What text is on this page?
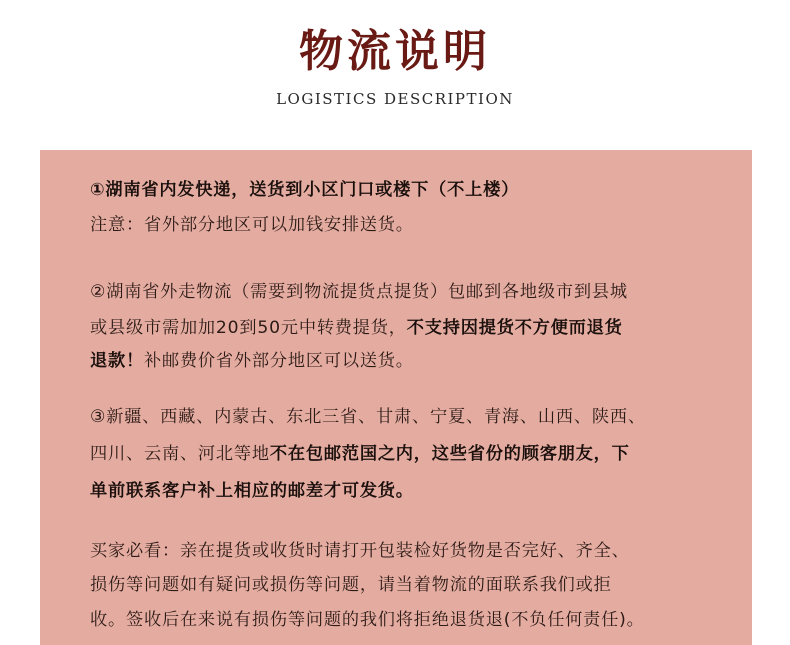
物流说明
LOGISTICS DESCRIPTION
①湖南省内发快递，送货到小区门口或楼下（不上楼）
注意：省外部分地区可以加钱安排送货。
②湖南省外走物流（需要到物流提货点提货）包邮到各地级市到县城
或县级市需加加20到50元中转费提货，不支持因提货不方便而退货
退款！补邮费价省外部分地区可以送货。
③新疆、西藏、内蒙古、东北三省、甘肃、宁夏、青海、山西、陕西、
四川、云南、河北等地不在包邮范国之内，这些省份的顾客朋友，下
单前联系客户补上相应的邮差才可发货。
买家必看：亲在提货或收货时请打开包装检好货物是否完好、齐全、
损伤等问题如有疑问或损伤等问题，请当着物流的面联系我们或拒
收。签收后在来说有损伤等问题的我们将拒绝退货退(不负任何责任)。
